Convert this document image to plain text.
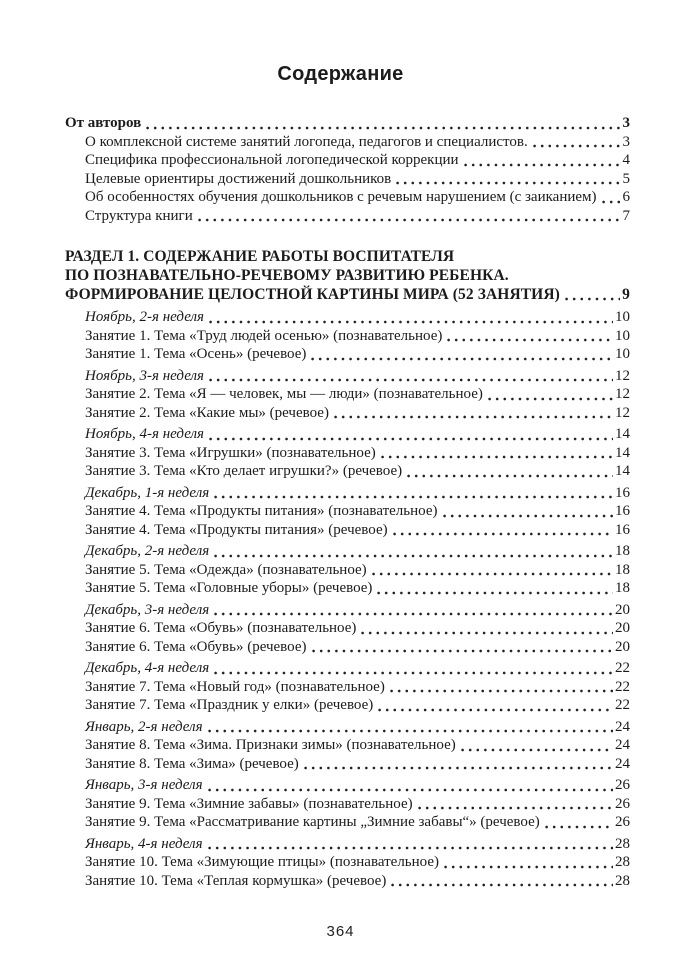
Содержание
От авторов	3
О комплексной системе занятий логопеда, педагогов и специалистов.	3
Специфика профессиональной логопедической коррекции	4
Целевые ориентиры достижений дошкольников	5
Об особенностях обучения дошкольников с речевым нарушением (с заиканием) 6
Структура книги	7
РАЗДЕЛ 1. СОДЕРЖАНИЕ РАБОТЫ ВОСПИТАТЕЛЯ
ПО ПОЗНАВАТЕЛЬНО-РЕЧЕВОМУ РАЗВИТИЮ РЕБЕНКА.
ФОРМИРОВАНИЕ ЦЕЛОСТНОЙ КАРТИНЫ МИРА (52 ЗАНЯТИЯ)	9
Ноябрь, 2-я неделя	10
Занятие 1. Тема «Труд людей осенью» (познавательное)	10
Занятие 1. Тема «Осень» (речевое)	10
Ноябрь, 3-я неделя	12
Занятие 2. Тема «Я — человек, мы — люди» (познавательное)	12
Занятие 2. Тема «Какие мы» (речевое)	12
Ноябрь, 4-я неделя	14
Занятие 3. Тема «Игрушки» (познавательное)	14
Занятие 3. Тема «Кто делает игрушки?» (речевое)	14
Декабрь, 1-я неделя	16
Занятие 4. Тема «Продукты питания» (познавательное)	16
Занятие 4. Тема «Продукты питания» (речевое)	16
Декабрь, 2-я неделя	18
Занятие 5. Тема «Одежда» (познавательное)	18
Занятие 5. Тема «Головные уборы» (речевое)	18
Декабрь, 3-я неделя	20
Занятие 6. Тема «Обувь» (познавательное)	20
Занятие 6. Тема «Обувь» (речевое)	20
Декабрь, 4-я неделя	22
Занятие 7. Тема «Новый год» (познавательное)	22
Занятие 7. Тема «Праздник у елки» (речевое)	22
Январь, 2-я неделя	24
Занятие 8. Тема «Зима. Признаки зимы» (познавательное)	24
Занятие 8. Тема «Зима» (речевое)	24
Январь, 3-я неделя	26
Занятие 9. Тема «Зимние забавы» (познавательное)	26
Занятие 9. Тема «Рассматривание картины „Зимние забавы“» (речевое)	26
Январь, 4-я неделя	28
Занятие 10. Тема «Зимующие птицы» (познавательное)	28
Занятие 10. Тема «Теплая кормушка» (речевое)	28
364
